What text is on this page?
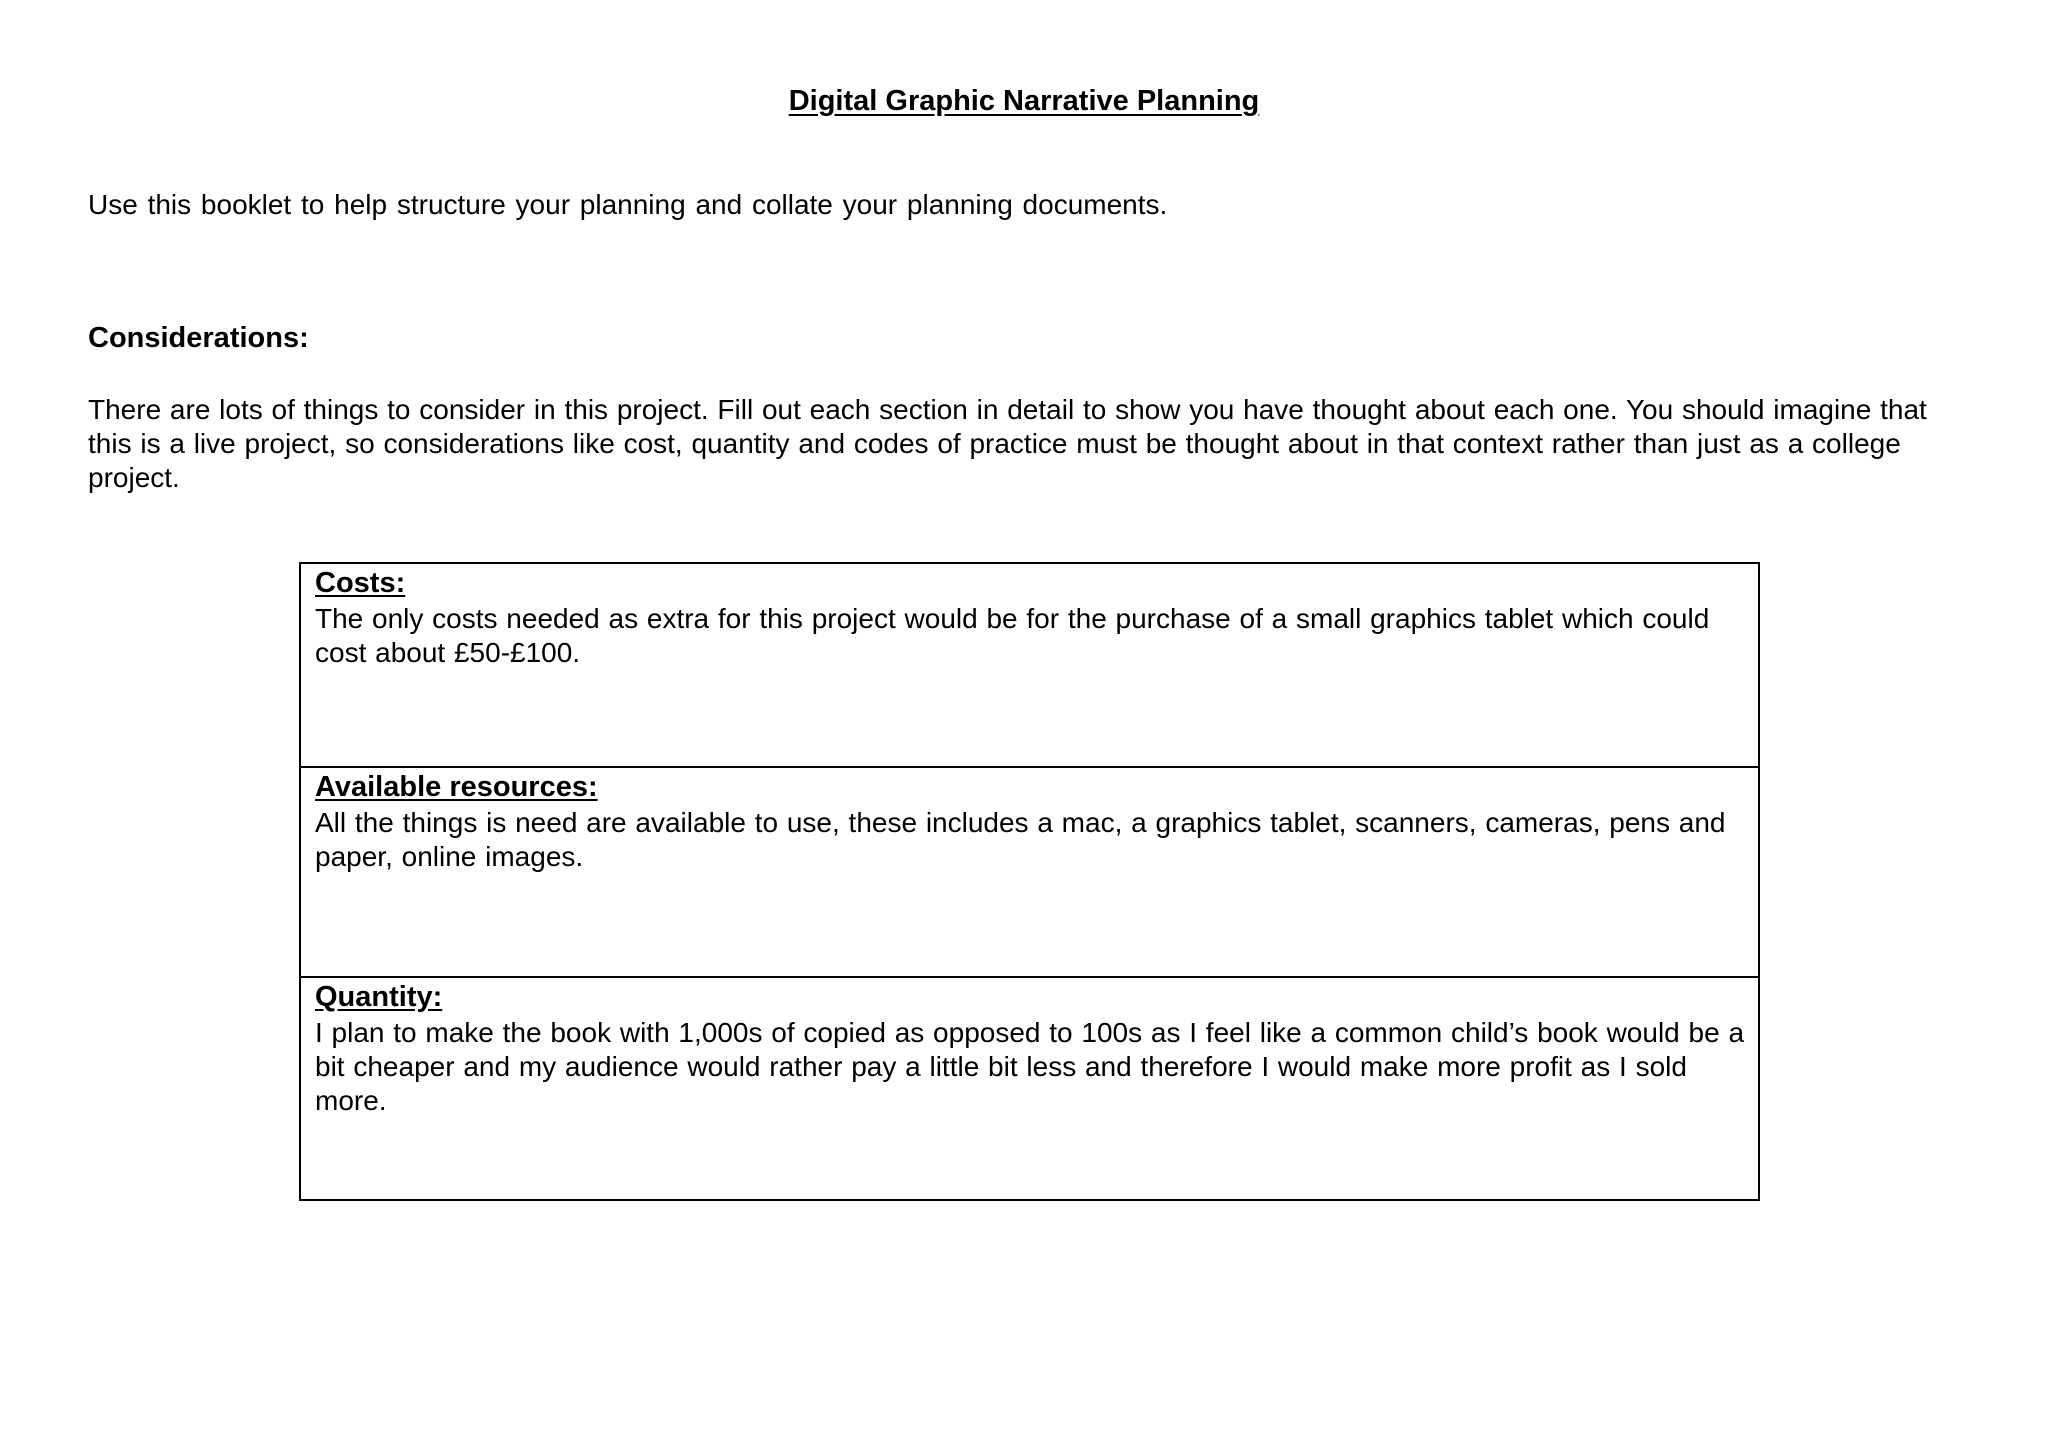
Digital Graphic Narrative Planning

Use this booklet to help structure your planning and collate your planning documents.

Considerations:

There are lots of things to consider in this project. Fill out each section in detail to show you have thought about each one. You should imagine that this is a live project, so considerations like cost, quantity and codes of practice must be thought about in that context rather than just as a college project.

Costs:
The only costs needed as extra for this project would be for the purchase of a small graphics tablet which could cost about £50-£100.
Available resources:
All the things is need are available to use, these includes a mac, a graphics tablet, scanners, cameras, pens and paper, online images.
Quantity:
I plan to make the book with 1,000s of copied as opposed to 100s as I feel like a common child’s book would be a bit cheaper and my audience would rather pay a little bit less and therefore I would make more profit as I sold more.
